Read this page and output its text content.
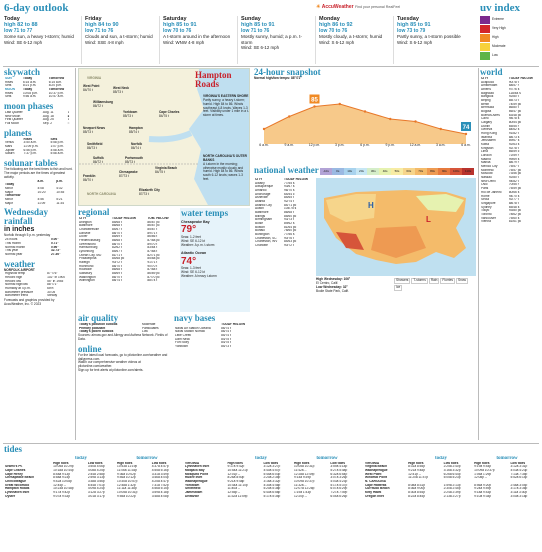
6-day outlook	☀ AccuWeather Find your personal RealFeel
Today
high 82 to 88
low 71 to 77
Some sun, a heavy t-storm; humid
Wind: SE 6-12 mph
Friday
high 84 to 90
low 71 to 76
Clouds and sun, a t-storm; humid
Wind: SSE 4-8 mph
Saturday
high 85 to 91
low 70 to 76
A t-storm around in the afternoon
Wind: WNW 4-8 mph
Sunday
high 85 to 91
low 71 to 76
Mostly sunny, humid; a p.m. t-storm
Wind: SE 6-12 mph
Monday
high 86 to 92
low 70 to 76
Mostly cloudy, a t-storm; humid
Wind: S 6-12 mph
Tuesday
high 85 to 91
low 73 to 79
Partly sunny, a t-storm possible
Wind: S 6-12 mph
uv index
Extreme
Very High
High
Moderate
Low
skywatch
SUN	Today	Tomorrow
Rises	6:15 a.m.	6:15 a.m.
Sets	8:21 p.m.	8:20 p.m.
MOON	Today	Tomorrow
Rises	10:08 p.m.	10:37 p.m.
Sets	9:56 a.m.	10:57 a.m.
moon phases
Last Quarter	Aug. 11	◖
New Moon	Aug. 18	●
First Quarter	Aug. 25	◗
Full Moon	Sep. 2	○
planets
	Rises	Sets
Venus	3:50 a.m.	5:58 p.m.
Mars	11:09 p.m.	1:07 p.m.
Jupiter	6:56 p.m.	4:58 a.m.
Saturn	7:37 p.m.	5:58 a.m.
solunar tables
The following are the best times to fish and hunt. The major periods are the times of greatest activity.
	a.m.	p.m.
Today		
Minor	4:08	4:32
Major	10:20	10:45
Tomorrow		
Minor	4:56	5:21
Major	11:09	11:34
Wednesday rainfall
in inches
Norfolk through 5 p.m. yesterday
24 hours	0.00"
This month	0.71"
Normal month	0.96"
This year	32.73"
Normal year	27.36"
weather
NORFOLK AIRPORT
High/low temp	87°/76°
Record high	102° in 1900
Record low	55° in 1945
Normal high/low	88°/71°
Humidity at 4 p.m.	65%
Barometer pressure	30.05
Barometer trend	Steady
Forecasts and graphics provided by AccuWeather, Inc. © 2023
Hampton Roads
VIRGINIA
NORTH CAROLINA
West Point
84/70 t	West Neck
85/73 t
Williamsburg
86/72 t
Yorktown
85/73 t
Cape Charles
84/75 t
Newport News
85/73 t
Hampton
85/74 t
Smithfield
86/73 t
Norfolk
86/74 t
Suffolk
86/72 t
Portsmouth
85/73 t
Chesapeake
87/73 t
Virginia Beach
84/75 t
Franklin
86/70 t
Elizabeth City
87/73 t
VIRGINIA'S EASTERN SHORE
Partly sunny, a heavy t-storm; humid. High 84 to 86. Winds southeast 4-8 knots. Waves 1-3 feet. Visibility under 1 mile in a t-storm at times.
NORTH CAROLINA'S OUTER BANKS
A t-storm in the morning; otherwise mostly cloudy and humid. High 84 to 86. Winds south 6-12 knots; waves 1-3 feet.
24-hour snapshot
Normal high/low temps: 88°/71°
85
74
6 a.m.	9 a.m.	12 p.m.	3 p.m.	6 p.m.	9 p.m.	12 a.m.	3 a.m.	6 a.m.
world
CITY	TODAY HI/LO/W
Acapulco	90/78 t
Amsterdam	68/57 r
Athens	97/76 s
Baghdad	118/84 s
Bangkok	92/80 t
Beijing	85/73 t
Berlin	74/59 pc
Bermuda	86/80 t
Bogota	66/47 pc
Buenos Aires	63/48 pc
Cairo	98/78 s
Calgary	80/54 pc
Dublin	65/55 r
Geneva	84/62 s
Hong Kong	91/82 t
Istanbul	88/73 s
Jerusalem	89/67 s
Kabul	92/63 s
Kingston	92/78 t
Lima	66/59 c
London	72/59 r
Madrid	99/69 s
Manila	88/79 r
Mexico City	75/57 t
Montreal	75/57 pc
Moscow	73/56 pc
Nassau	92/80 t
New Delhi	94/82 t
Oslo	70/55 r
Paris	75/59 pc
Rio de Janeiro	80/66 s
Rome	94/70 s
Seoul	92/77 t
Singapore	88/78 t
Sydney	65/48 s
Tokyo	93/80 pc
Toronto	78/62 pc
Vancouver	75/60 s
Vienna	81/61 pc
national weather	-10s	0s	10s	20s	30s	40s	50s	60s	70s	80s	90s	100s	110s
CITY	TODAY HI/LO/W
Albany	77/55 s
Albuquerque	93/67 s
Amarillo	96/70 s
Anchorage	64/54 c
Asheville	84/65 t
Atlanta	92/74 t
Atlantic City	84/71 pc
Austin	104/75 s
Baltimore	86/68 t
Billings	85/60 pc
Birmingham	93/73 t
Boise	89/62 s
Boston	81/64 pc
Buffalo	78/60 pc
Burlington	77/56 s
Charleston, SC	90/76 t
Charleston, WV	84/63 pc
Charlotte	90/72 t
H
L
High Wednesday: 106°
El Centro, Calif.
Low Wednesday: 32°
Bodie State Park, Calif.
Showers	T-storms	Rain	Flurries	Snow
Ice
regional
CITY	TODAY HI/LO/W	TOM. HI/LO/W
Arlington	85/68 t	86/67 pc
Baltimore	86/68 t	86/67 pc
Charlottesville	84/67 t	85/67 t
Danville	88/70 t	89/71 t
Dover	85/69 t	86/66 t
Fredericksburg	86/68 t	87/68 pc
Greensboro	88/70 t	89/70 t
Harrisonburg	82/62 t	83/64 t
Lynchburg	85/67 t	87/68 t
Ocean City, MD	81/71 t	82/71 pc
Philadelphia	84/68 pc	85/68 pc
Raleigh	90/72 t	91/71 t
Richmond	88/70 t	90/70 t
Roanoke	86/68 t	87/68 t
Salisbury	85/69 t	86/69 pc
Washington	86/70 t	87/70 pc
Wilmington	88/74 t	88/74 t
water temps
Chesapeake Bay
79°
Seas: 1-2 feet
Wind: SE 6-12 kt
Weather: A p.m. t-storm
Atlantic Ocean
74°
Seas: 1-3 feet
Wind: SE 6-12 kt
Weather: A heavy t-storm
air quality
Today's pollution outlook	Moderate
Primary pollutant	Particulates
Today's pollen outlook	Low
Sources: airnow.gov and Allergy and Asthma Network. Fields of Data.
online
For the latest local forecasts, go to pilotonline.com/weather and dailypress.com.
Watch our comprehensive weather videos at pilotonline.com/weather.
Sign up for text alerts at pilotonline.com/alerts.
navy bases
	TODAY HI/LO/W
Naval Air Station Oceana	86/74 t
Naval Station Norfolk	86/74 t
Little Creek	85/74 t
Dam Neck	84/75 t
Fort Story	84/75 t
Yorktown	85/73 t
tides
today	tomorrow
	High tides	Low tides	High tides	Low tides
Sewell's Pt.	10:05a 10:29p	3:50a 4:06p	10:53a 11:19p	4:37a 4:57p
Cape Charles	10:18a 10:44p	4:08a 4:25p	11:06a 11:34p	4:55a 5:16p
Cape Henry	8:48a 9:13p	2:44a 2:58p	9:36a 10:02p	3:31a 3:49p
Chesapeake Beach	8:58a 9:23p	2:59a 3:13p	9:46a 10:12p	3:46a 4:04p
Chincoteague	9:42a 10:08p	3:38a 3:56p	10:30a 10:57p	4:25a 4:47p
Great Wicomico	12:44p --	6:44a 7:01p	12:48a 1:32p	7:31a 7:52p
Hampton Roads	10:23a 10:48p	4:09a 4:24p	11:11a 11:38p	4:56a 5:15p
Lynnhaven Inlet	9:17a 9:42p	3:12a 3:27p	10:05a 10:31p	3:59a 4:18p
Oyster	9:07a 9:33p	3:01a 3:17p	9:55a 10:22p	3:48a 4:08p
today	tomorrow
VIRGINIA	High tides	Low tides	High tides	Low tides
Lynnhaven Inlet	9:17a 9:42p	3:12a 3:27p	10:05a 10:31p	3:59a 4:18p
Mobjack Bay	10:54a 11:21p	4:40a 4:57p	11:42a --	5:27a 5:48p
Mosquito Point	12:01p --	5:45a 6:03p	12:28a 12:49p	6:32a 6:54p
Rudee Inlet	8:26a 8:50p	2:20a 2:35p	9:14a 9:39p	3:07a 3:26p
Wachapreague	9:21a 9:48p	3:16a 3:32p	10:09a 10:37p	4:03a 4:23p
Yorktown	10:44a 11:10p	4:30a 4:46p	11:32a --	5:17a 5:37p
Smithfield	11:40a --	5:20a 5:38p	12:07a 12:28p	6:07a 6:29p
Jamestown	12:55p --	6:40a 6:58p	1:19a 1:43p	7:27a 7:49p
Deltaville	11:32a 11:59p	5:17a 5:35p	12:20p --	6:04a 6:26p
today	tomorrow
VIRGINIA	High tides	Low tides	High tides	Low tides
Virginia Beach	8:31a 8:55p	2:25a 2:40p	9:19a 9:44p	3:12a 3:31p
Wachapreague	9:21a 9:48p	3:16a 3:32p	10:09a 10:37p	4:03a 4:23p
West Point	12:41p --	6:26a 6:44p	1:05a 1:29p	7:13a 7:35p
Windmill Point	11:20a 11:47p	5:05a 5:23p	12:08p --	5:52a 6:14p
N. CAROLINA				
Cape Hatteras	8:08a 8:31p	1:59a 2:13p	8:56a 9:20p	2:46a 3:04p
Currituck Beach	8:36a 9:00p	2:30a 2:45p	9:24a 9:49p	3:17a 3:36p
Kitty Hawk	8:30a 8:54p	2:24a 2:39p	9:18a 9:43p	3:11a 3:30p
Oregon Inlet	8:22a 8:45p	2:13a 2:27p	9:10a 9:34p	3:00a 3:18p
